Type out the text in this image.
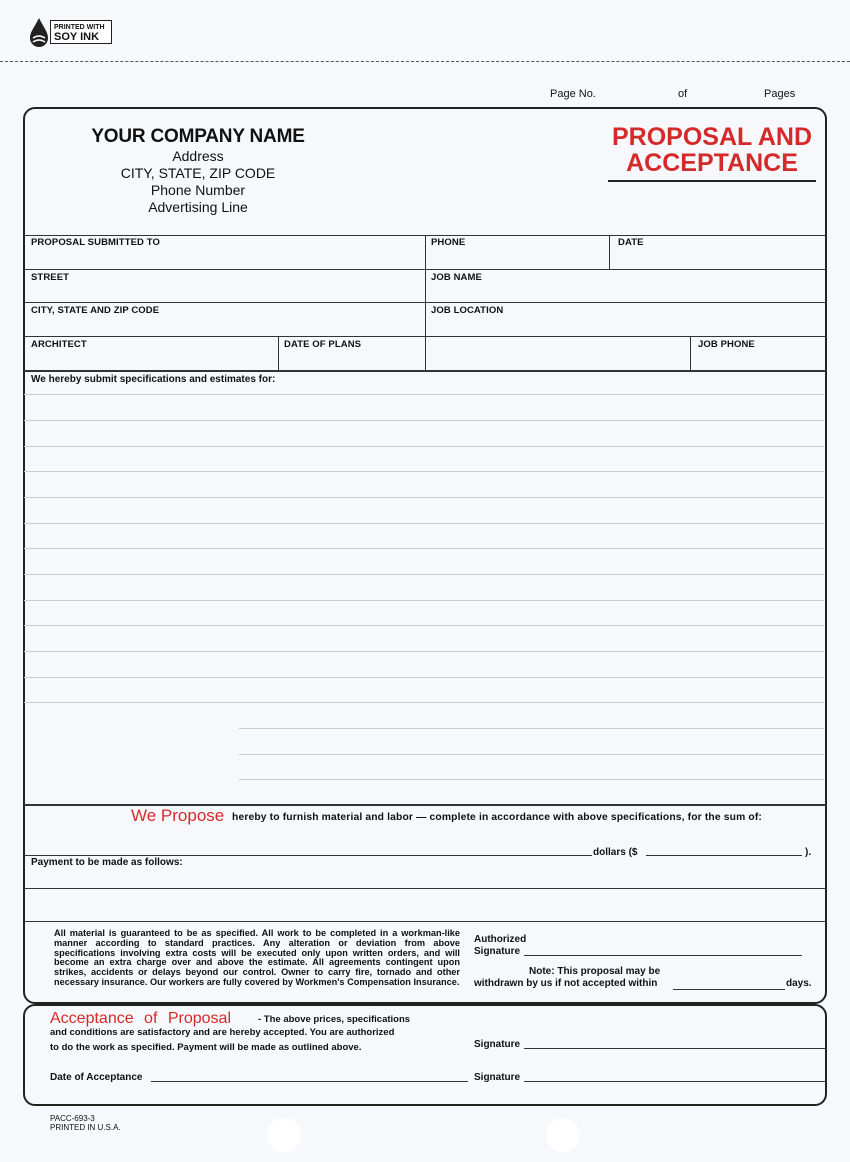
PRINTED WITH
SOY INK
Page No.	of	Pages
YOUR COMPANY NAME
Address
CITY, STATE, ZIP CODE
Phone Number
Advertising Line
PROPOSAL AND
ACCEPTANCE
PROPOSAL SUBMITTED TO	PHONE	DATE
STREET	JOB NAME
CITY, STATE AND ZIP CODE	JOB LOCATION
ARCHITECT	DATE OF PLANS	JOB PHONE
We hereby submit specifications and estimates for:
We Propose hereby to furnish material and labor — complete in accordance with above specifications, for the sum of:
dollars ($	).
Payment to be made as follows:
All material is guaranteed to be as specified. All work to be completed in a workman-like manner according to standard practices. Any alteration or deviation from above specifications involving extra costs will be executed only upon written orders, and will become an extra charge over and above the estimate. All agreements contingent upon strikes, accidents or delays beyond our control. Owner to carry fire, tornado and other necessary insurance. Our workers are fully covered by Workmen's Compensation Insurance.
Authorized
Signature
Note: This proposal may be
withdrawn by us if not accepted within	days.
Acceptance of Proposal	- The above prices, specifications
and conditions are satisfactory and are hereby accepted. You are authorized
to do the work as specified. Payment will be made as outlined above.	Signature
Date of Acceptance	Signature
PACC-693-3
PRINTED IN U.S.A.
